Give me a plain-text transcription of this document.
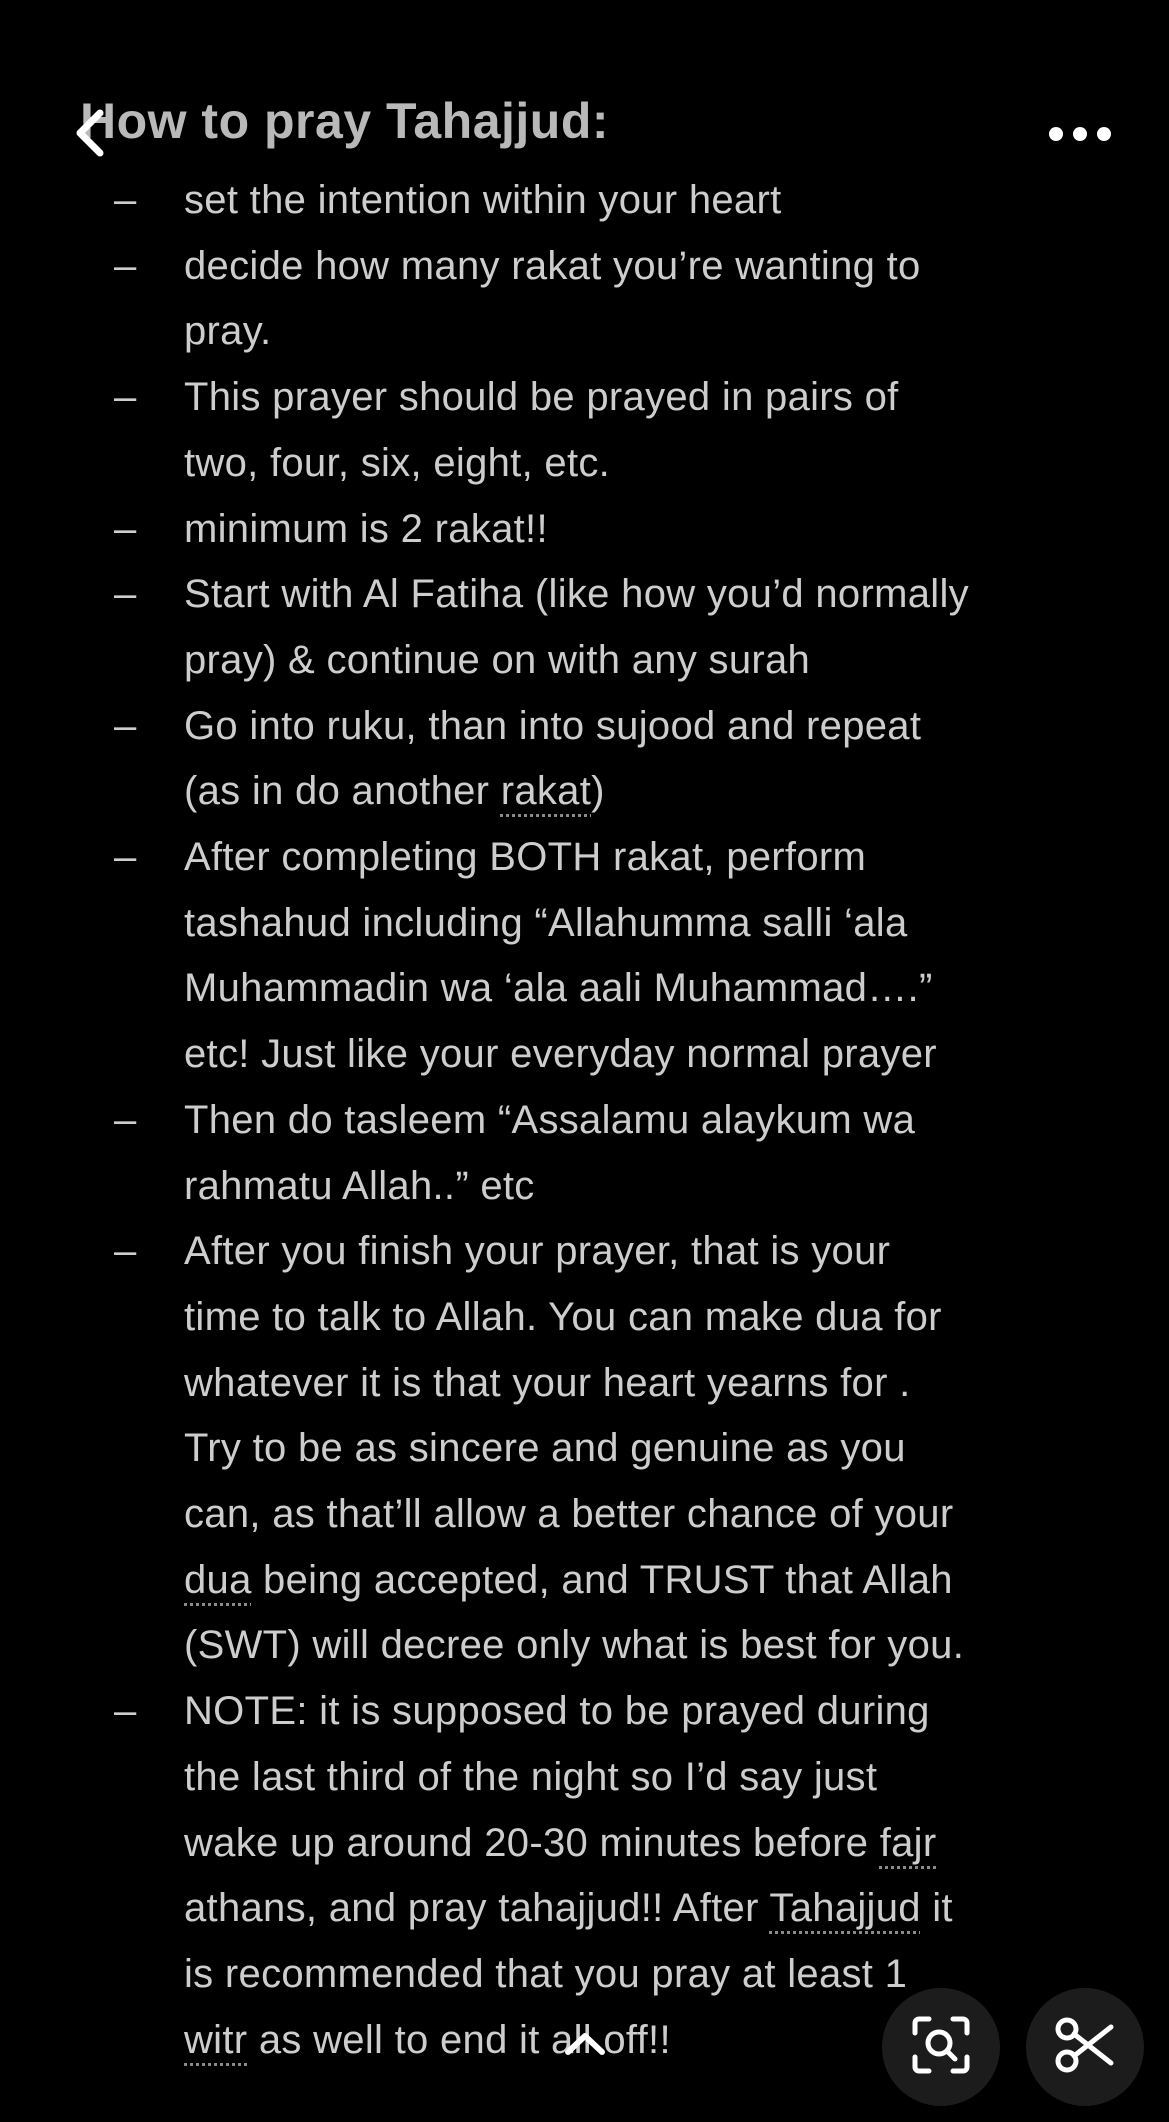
How to pray Tahajjud:
– set the intention within your heart
– decide how many rakat you’re wanting to
pray.
– This prayer should be prayed in pairs of
two, four, six, eight, etc.
– minimum is 2 rakat!!
– Start with Al Fatiha (like how you’d normally
pray) & continue on with any surah
– Go into ruku, than into sujood and repeat
(as in do another rakat)
– After completing BOTH rakat, perform
tashahud including “Allahumma salli ‘ala
Muhammadin wa ‘ala aali Muhammad….”
etc! Just like your everyday normal prayer
– Then do tasleem “Assalamu alaykum wa
rahmatu Allah..” etc
– After you finish your prayer, that is your
time to talk to Allah. You can make dua for
whatever it is that your heart yearns for .
Try to be as sincere and genuine as you
can, as that’ll allow a better chance of your
dua being accepted, and TRUST that Allah
(SWT) will decree only what is best for you.
– NOTE: it is supposed to be prayed during
the last third of the night so I’d say just
wake up around 20-30 minutes before fajr
athans, and pray tahajjud!! After Tahajjud it
is recommended that you pray at least 1
witr as well to end it all off!!
